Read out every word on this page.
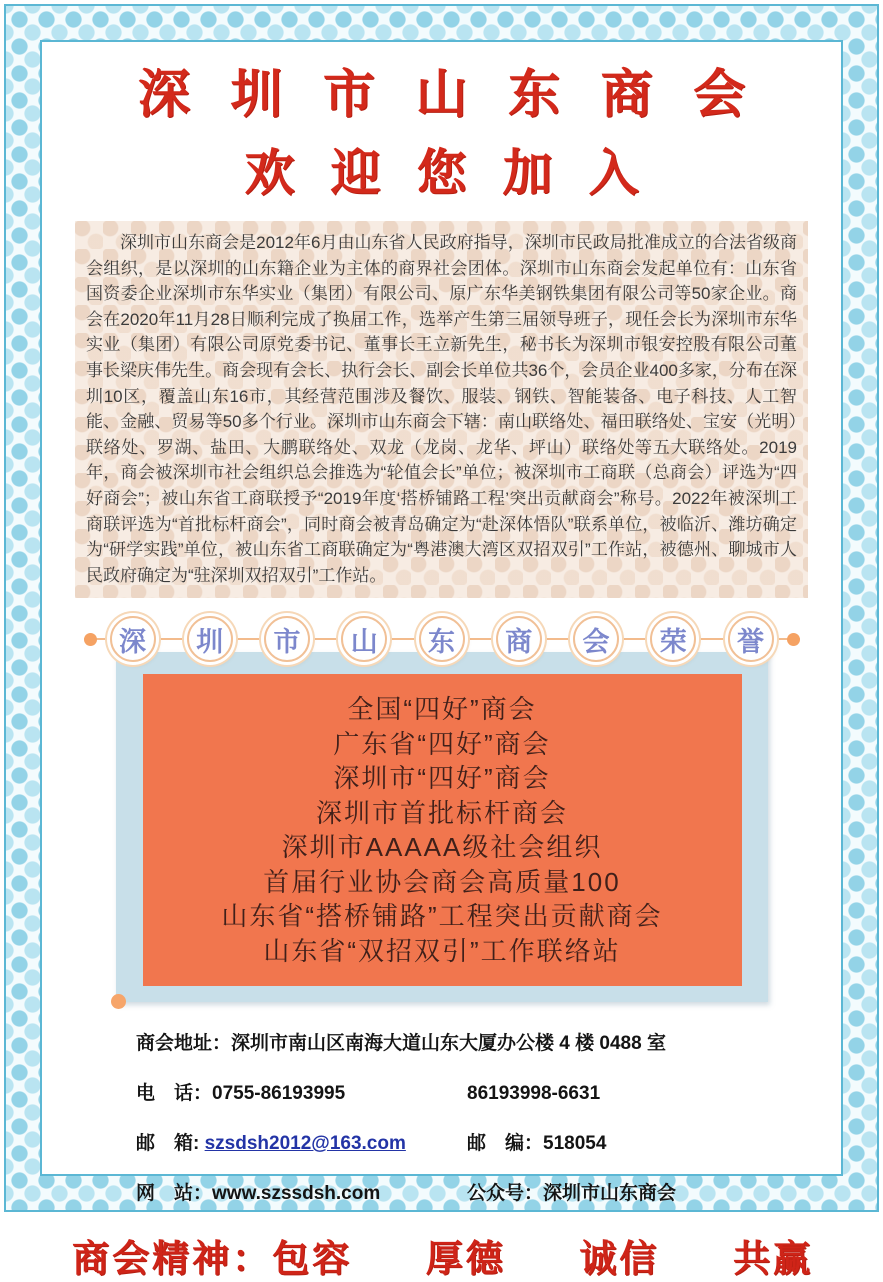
深圳市山东商会
欢迎您加入
深圳市山东商会是2012年6月由山东省人民政府指导，深圳市民政局批准成立的合法省级商会组织，是以深圳的山东籍企业为主体的商界社会团体。深圳市山东商会发起单位有：山东省国资委企业深圳市东华实业（集团）有限公司、原广东华美钢铁集团有限公司等50家企业。商会在2020年11月28日顺利完成了换届工作，选举产生第三届领导班子，现任会长为深圳市东华实业（集团）有限公司原党委书记、董事长王立新先生，秘书长为深圳市银安控股有限公司董事长梁庆伟先生。商会现有会长、执行会长、副会长单位共36个，会员企业400多家，分布在深圳10区，覆盖山东16市，其经营范围涉及餐饮、服装、钢铁、智能装备、电子科技、人工智能、金融、贸易等50多个行业。深圳市山东商会下辖：南山联络处、福田联络处、宝安（光明）联络处、罗湖、盐田、大鹏联络处、双龙（龙岗、龙华、坪山）联络处等五大联络处。2019年，商会被深圳市社会组织总会推选为“轮值会长”单位；被深圳市工商联（总商会）评选为“四好商会”；被山东省工商联授予“2019年度‘搭桥铺路工程’突出贡献商会”称号。2022年被深圳工商联评选为“首批标杆商会”，同时商会被青岛确定为“赴深体悟队”联系单位，被临沂、潍坊确定为“研学实践”单位，被山东省工商联确定为“粤港澳大湾区双招双引”工作站，被德州、聊城市人民政府确定为“驻深圳双招双引”工作站。
深	圳	市	山	东	商	会	荣	誉
全国“四好”商会
广东省“四好”商会
深圳市“四好”商会
深圳市首批标杆商会
深圳市AAAAA级社会组织
首届行业协会商会高质量100
山东省“搭桥铺路”工程突出贡献商会
山东省“双招双引”工作联络站
商会地址： 深圳市南山区南海大道山东大厦办公楼 4 楼 0488 室
电　话：0755-86193995	86193998-6631
邮　箱: szsdsh2012@163.com	邮　编：518054
网　站：www.szssdsh.com	公众号：深圳市山东商会
商会精神：包容 厚德 诚信 共赢
